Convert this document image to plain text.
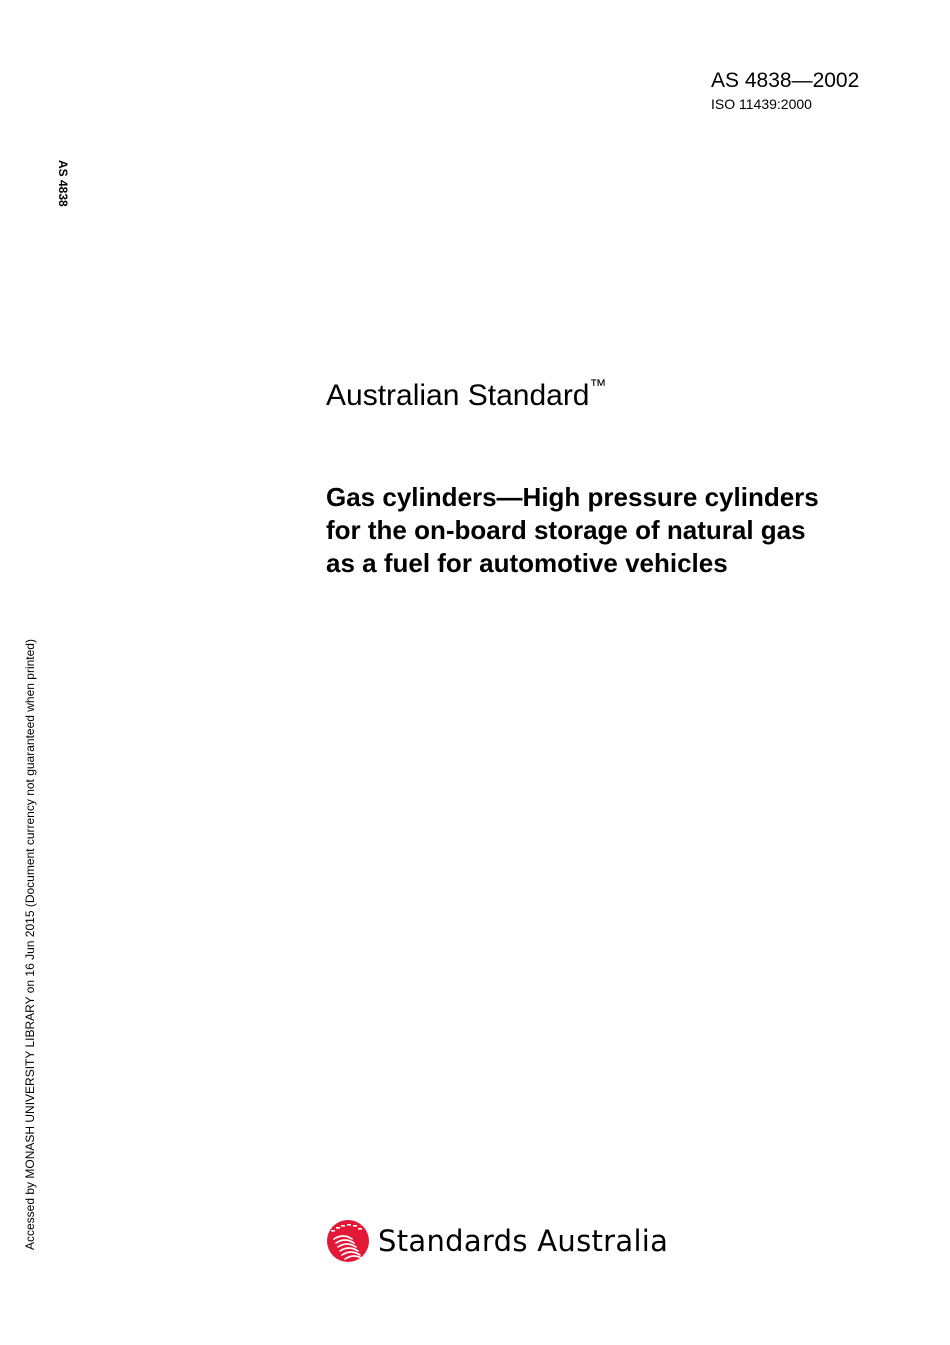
AS 4838—2002
ISO 11439:2000
AS 4838
Accessed by MONASH UNIVERSITY LIBRARY on 16 Jun 2015 (Document currency not guaranteed when printed)
Australian Standard™
Gas cylinders—High pressure cylinders
for the on-board storage of natural gas
as a fuel for automotive vehicles
Standards Australia
